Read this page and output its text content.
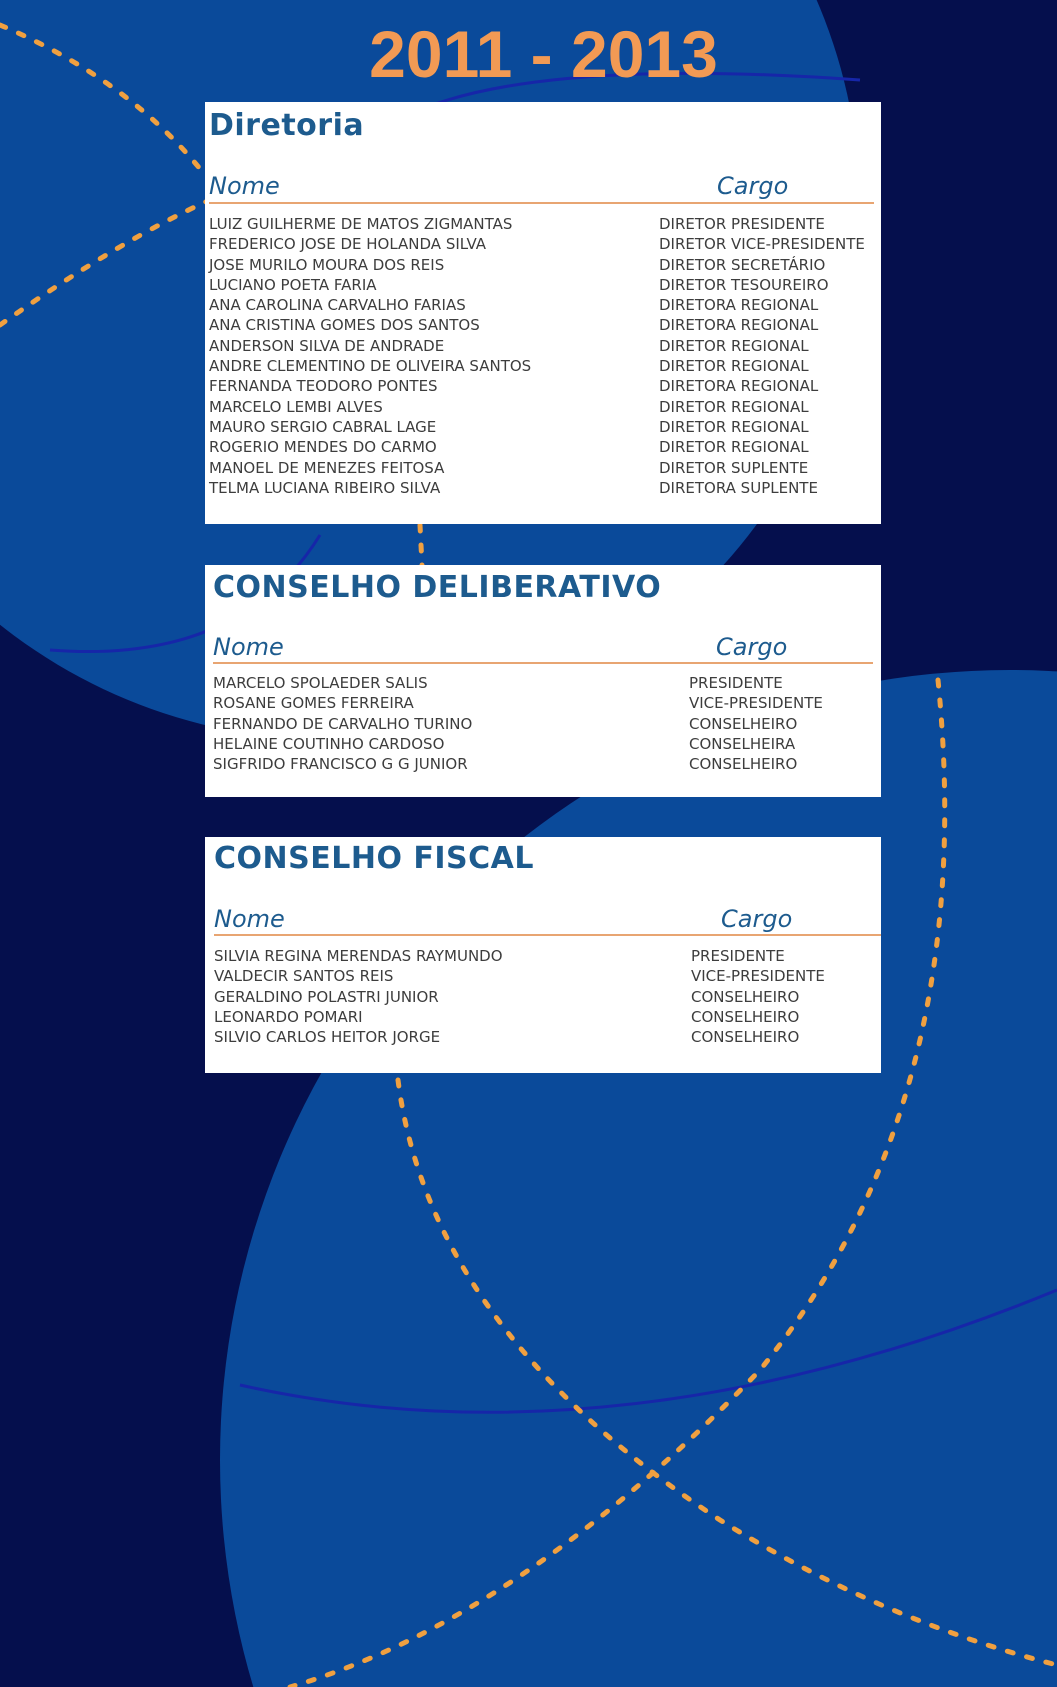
2011 - 2013
Diretoria
Nome	Cargo
LUIZ GUILHERME DE MATOS ZIGMANTAS	DIRETOR PRESIDENTE
FREDERICO JOSE DE HOLANDA SILVA	DIRETOR VICE-PRESIDENTE
JOSE MURILO MOURA DOS REIS	DIRETOR SECRETÁRIO
LUCIANO POETA FARIA	DIRETOR TESOUREIRO
ANA CAROLINA CARVALHO FARIAS	DIRETORA REGIONAL
ANA CRISTINA GOMES DOS SANTOS	DIRETORA REGIONAL
ANDERSON SILVA DE ANDRADE	DIRETOR REGIONAL
ANDRE CLEMENTINO DE OLIVEIRA SANTOS	DIRETOR REGIONAL
FERNANDA TEODORO PONTES	DIRETORA REGIONAL
MARCELO LEMBI ALVES	DIRETOR REGIONAL
MAURO SERGIO CABRAL LAGE	DIRETOR REGIONAL
ROGERIO MENDES DO CARMO	DIRETOR REGIONAL
MANOEL DE MENEZES FEITOSA	DIRETOR SUPLENTE
TELMA LUCIANA RIBEIRO SILVA	DIRETORA SUPLENTE
CONSELHO DELIBERATIVO
Nome	Cargo
MARCELO SPOLAEDER SALIS	PRESIDENTE
ROSANE GOMES FERREIRA	VICE-PRESIDENTE
FERNANDO DE CARVALHO TURINO	CONSELHEIRO
HELAINE COUTINHO CARDOSO	CONSELHEIRA
SIGFRIDO FRANCISCO G G JUNIOR	CONSELHEIRO
CONSELHO FISCAL
Nome	Cargo
SILVIA REGINA MERENDAS RAYMUNDO	PRESIDENTE
VALDECIR SANTOS REIS	VICE-PRESIDENTE
GERALDINO POLASTRI JUNIOR	CONSELHEIRO
LEONARDO POMARI	CONSELHEIRO
SILVIO CARLOS HEITOR JORGE	CONSELHEIRO
